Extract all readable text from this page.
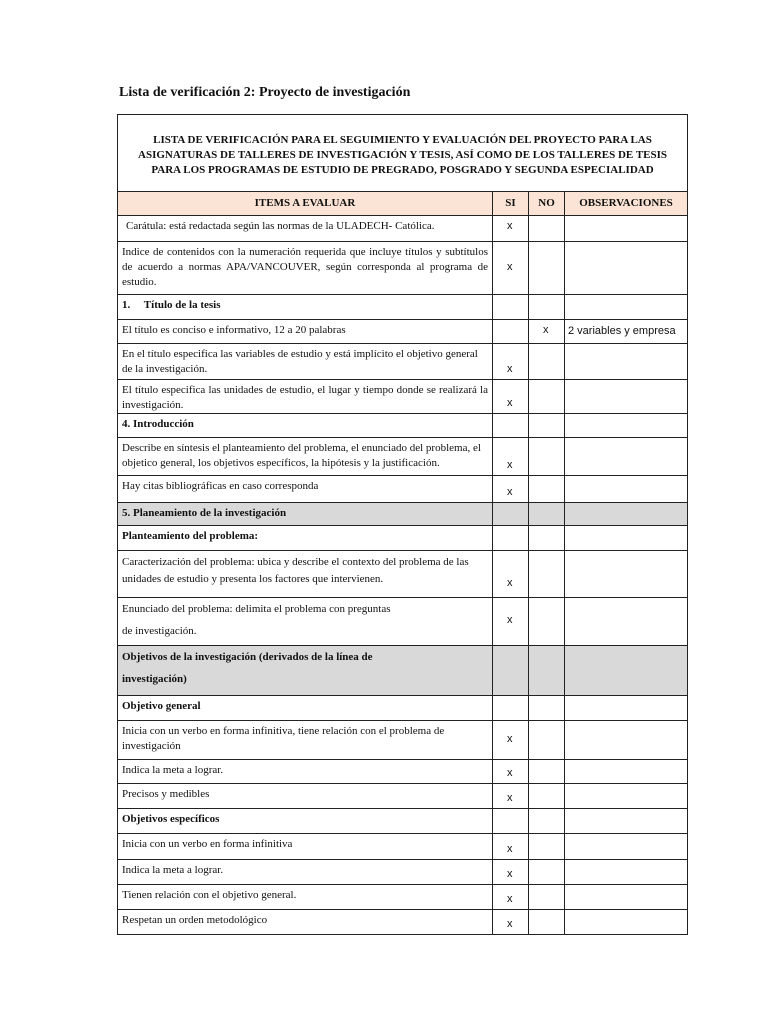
Lista de verificación 2: Proyecto de investigación
LISTA DE VERIFICACIÓN PARA EL SEGUIMIENTO Y EVALUACIÓN DEL PROYECTO PARA LAS ASIGNATURAS DE TALLERES DE INVESTIGACIÓN Y TESIS, ASÍ COMO DE LOS TALLERES DE TESIS PARA LOS PROGRAMAS DE ESTUDIO DE PREGRADO, POSGRADO Y SEGUNDA ESPECIALIDAD			
ITEMS A EVALUAR	SI	NO	OBSERVACIONES
Carátula: está redactada según las normas de la ULADECH- Católica.	x		
Indice de contenidos con la numeración requerida que incluye títulos y subtítulos de acuerdo a normas APA/VANCOUVER, según corresponda al programa de estudio.	x		
1.     Título de la tesis			
El título es conciso e informativo, 12 a 20 palabras		x	2 variables y empresa
En el título especifica las variables de estudio y está implícito el objetivo general de la investigación.	x		
El título especifica las unidades de estudio, el lugar y tiempo donde se realizará la investigación.	x		
4. Introducción			
Describe en síntesis el planteamiento del problema, el enunciado del problema, el objetico general, los objetivos específicos, la hipótesis y la justificación.	x		
Hay citas bibliográficas en caso corresponda	x		
5. Planeamiento de la investigación			
Planteamiento del problema:			
Caracterización del problema: ubica y describe el contexto del problema de las unidades de estudio y presenta los factores que intervienen.	x		

Enunciado del problema: delimita el problema con preguntas
de investigación.	x		

Objetivos de la investigación (derivados de la línea de
investigación)			

Objetivo general			
Inicia con un verbo en forma infinitiva, tiene relación con el problema de investigación	x		
Indica la meta a lograr.	x		
Precisos y medibles	x		
Objetivos específicos			
Inicia con un verbo en forma infinitiva	x		
Indica la meta a lograr.	x		
Tienen relación con el objetivo general.	x		
Respetan un orden metodológico	x		
